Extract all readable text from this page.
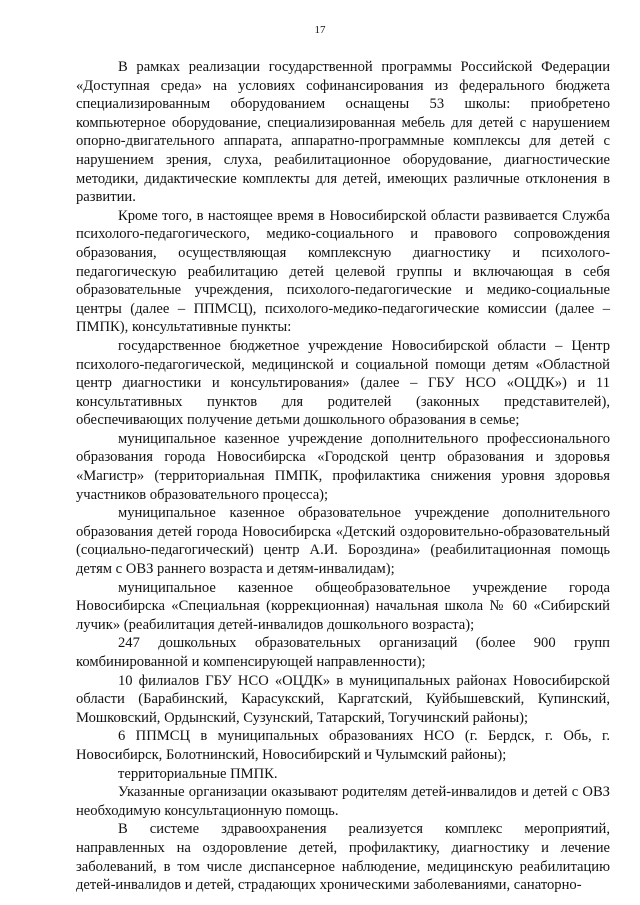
17

В рамках реализации государственной программы Российской Федерации «Доступная среда» на условиях софинансирования из федерального бюджета специализированным оборудованием оснащены 53 школы: приобретено компьютерное оборудование, специализированная мебель для детей с нарушением опорно-двигательного аппарата, аппаратно-программные комплексы для детей с нарушением зрения, слуха, реабилитационное оборудование, диагностические методики, дидактические комплекты для детей, имеющих различные отклонения в развитии.

Кроме того, в настоящее время в Новосибирской области развивается Служба психолого-педагогического, медико-социального и правового сопровождения образования, осуществляющая комплексную диагностику и психолого-педагогическую реабилитацию детей целевой группы и включающая в себя образовательные учреждения, психолого-педагогические и медико-социальные центры (далее – ППМСЦ), психолого-медико-педагогические комиссии (далее – ПМПК), консультативные пункты:

государственное бюджетное учреждение Новосибирской области – Центр психолого-педагогической, медицинской и социальной помощи детям «Областной центр диагностики и консультирования» (далее – ГБУ НСО «ОЦДК») и 11 консультативных пунктов для родителей (законных представителей), обеспечивающих получение детьми дошкольного образования в семье;

муниципальное казенное учреждение дополнительного профессионального образования города Новосибирска «Городской центр образования и здоровья «Магистр» (территориальная ПМПК, профилактика снижения уровня здоровья участников образовательного процесса);

муниципальное казенное образовательное учреждение дополнительного образования детей города Новосибирска «Детский оздоровительно-образовательный (социально-педагогический) центр А.И. Бороздина» (реабилитационная помощь детям с ОВЗ раннего возраста и детям-инвалидам);

муниципальное казенное общеобразовательное учреждение города Новосибирска «Специальная (коррекционная) начальная школа № 60 «Сибирский лучик» (реабилитация детей-инвалидов дошкольного возраста);

247 дошкольных образовательных организаций (более 900 групп комбинированной и компенсирующей направленности);

10 филиалов ГБУ НСО «ОЦДК» в муниципальных районах Новосибирской области (Барабинский, Карасукский, Каргатский, Куйбышевский, Купинский, Мошковский, Ордынский, Сузунский, Татарский, Тогучинский районы);

6 ППМСЦ в муниципальных образованиях НСО (г. Бердск, г. Обь, г. Новосибирск, Болотнинский, Новосибирский и Чулымский районы);

территориальные ПМПК.

Указанные организации оказывают родителям детей-инвалидов и детей с ОВЗ необходимую консультационную помощь.

В системе здравоохранения реализуется комплекс мероприятий, направленных на оздоровление детей, профилактику, диагностику и лечение заболеваний, в том числе диспансерное наблюдение, медицинскую реабилитацию детей-инвалидов и детей, страдающих хроническими заболеваниями, санаторно-
